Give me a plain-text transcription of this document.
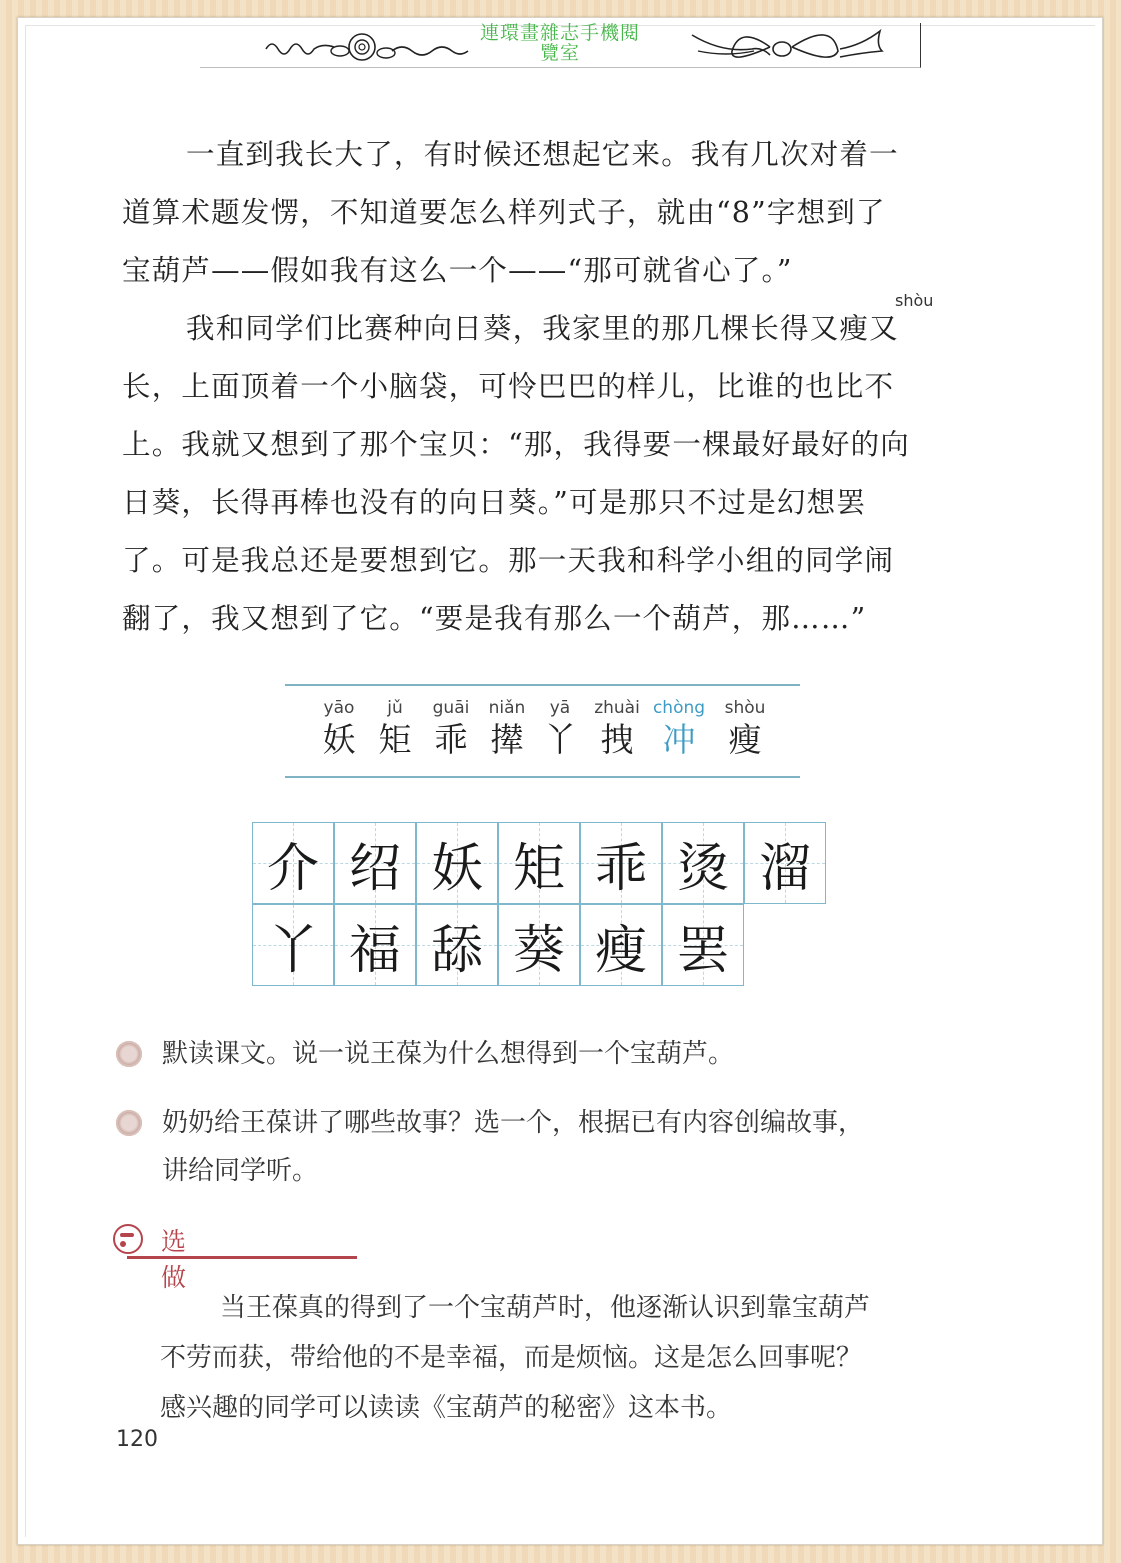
連環畫雜志手機閱
覽室
一直到我长大了，有时候还想起它来。我有几次对着一
道算术题发愣，不知道要怎么样列式子，就由“8”字想到了
宝葫芦——假如我有这么一个——“那可就省心了。”
shòu
我和同学们比赛种向日葵，我家里的那几棵长得又瘦又
长，上面顶着一个小脑袋，可怜巴巴的样儿，比谁的也比不
上。我就又想到了那个宝贝：“那，我得要一棵最好最好的向
日葵，长得再棒也没有的向日葵。”可是那只不过是幻想罢
了。可是我总还是要想到它。那一天我和科学小组的同学闹
翻了，我又想到了它。“要是我有那么一个葫芦，那……”
yāo
妖
jǔ
矩
guāi
乖
niǎn
撵
yā
丫
zhuài
拽
chòng
冲
shòu
瘦
介 绍 妖 矩 乖 烫 溜
丫 福 舔 葵 瘦 罢
默读课文。说一说王葆为什么想得到一个宝葫芦。
奶奶给王葆讲了哪些故事？选一个，根据已有内容创编故事，
讲给同学听。
选 做
当王葆真的得到了一个宝葫芦时，他逐渐认识到靠宝葫芦
不劳而获，带给他的不是幸福，而是烦恼。这是怎么回事呢？
感兴趣的同学可以读读《宝葫芦的秘密》这本书。
120
